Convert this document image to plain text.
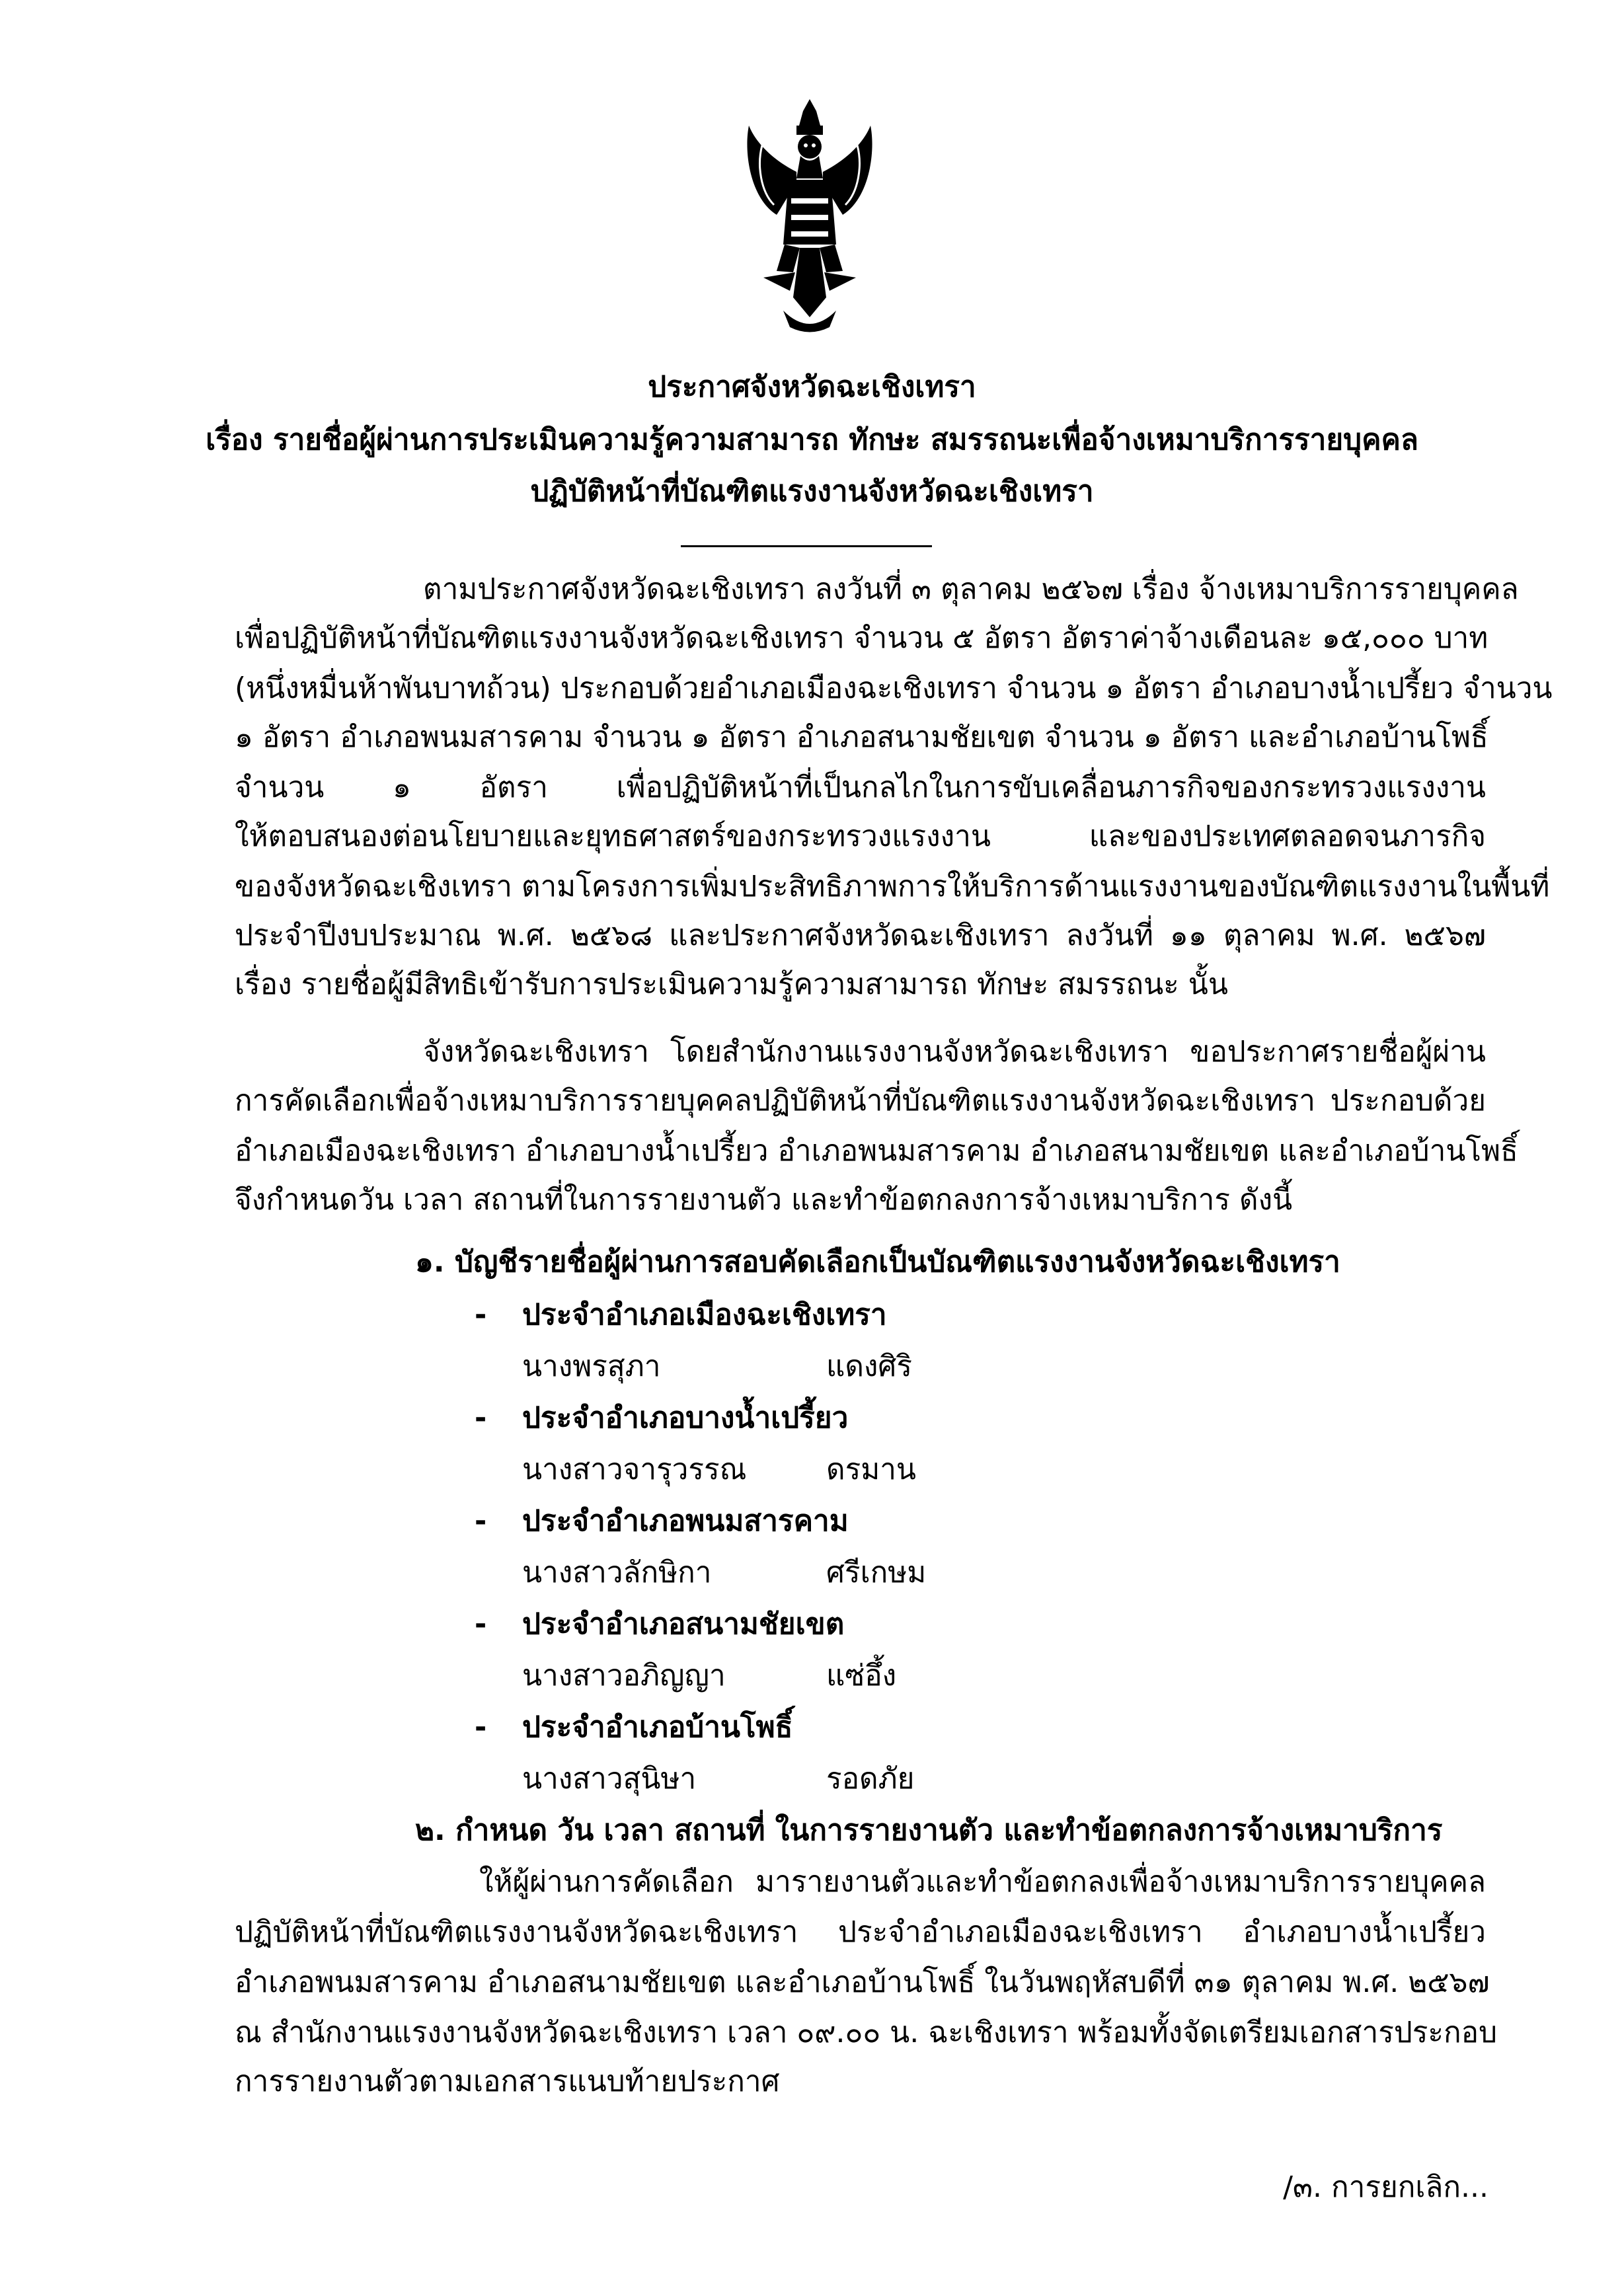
ประกาศจังหวัดฉะเชิงเทรา
เรื่อง รายชื่อผู้ผ่านการประเมินความรู้ความสามารถ ทักษะ สมรรถนะเพื่อจ้างเหมาบริการรายบุคคล
ปฏิบัติหน้าที่บัณฑิตแรงงานจังหวัดฉะเชิงเทรา
ตามประกาศจังหวัดฉะเชิงเทรา ลงวันที่ ๓ ตุลาคม ๒๕๖๗ เรื่อง จ้างเหมาบริการรายบุคคล
เพื่อปฏิบัติหน้าที่บัณฑิตแรงงานจังหวัดฉะเชิงเทรา จำนวน ๕ อัตรา อัตราค่าจ้างเดือนละ ๑๕,๐๐๐ บาท
(หนึ่งหมื่นห้าพันบาทถ้วน) ประกอบด้วยอำเภอเมืองฉะเชิงเทรา จำนวน ๑ อัตรา อำเภอบางน้ำเปรี้ยว จำนวน
๑ อัตรา อำเภอพนมสารคาม จำนวน ๑ อัตรา อำเภอสนามชัยเขต จำนวน ๑ อัตรา และอำเภอบ้านโพธิ์
จำนวน ๑ อัตรา เพื่อปฏิบัติหน้าที่เป็นกลไกในการขับเคลื่อนภารกิจของกระทรวงแรงงาน
ให้ตอบสนองต่อนโยบายและยุทธศาสตร์ของกระทรวงแรงงาน และของประเทศตลอดจนภารกิจ
ของจังหวัดฉะเชิงเทรา ตามโครงการเพิ่มประสิทธิภาพการให้บริการด้านแรงงานของบัณฑิตแรงงานในพื้นที่
ประจำปีงบประมาณ พ.ศ. ๒๕๖๘ และประกาศจังหวัดฉะเชิงเทรา ลงวันที่ ๑๑ ตุลาคม พ.ศ. ๒๕๖๗
เรื่อง รายชื่อผู้มีสิทธิเข้ารับการประเมินความรู้ความสามารถ ทักษะ สมรรถนะ นั้น
จังหวัดฉะเชิงเทรา โดยสำนักงานแรงงานจังหวัดฉะเชิงเทรา ขอประกาศรายชื่อผู้ผ่าน
การคัดเลือกเพื่อจ้างเหมาบริการรายบุคคลปฏิบัติหน้าที่บัณฑิตแรงงานจังหวัดฉะเชิงเทรา ประกอบด้วย
อำเภอเมืองฉะเชิงเทรา อำเภอบางน้ำเปรี้ยว อำเภอพนมสารคาม อำเภอสนามชัยเขต และอำเภอบ้านโพธิ์
จึงกำหนดวัน เวลา สถานที่ในการรายงานตัว และทำข้อตกลงการจ้างเหมาบริการ ดังนี้
๑. บัญชีรายชื่อผู้ผ่านการสอบคัดเลือกเป็นบัณฑิตแรงงานจังหวัดฉะเชิงเทรา
- ประจำอำเภอเมืองฉะเชิงเทรา
นางพรสุภา	แดงศิริ
- ประจำอำเภอบางน้ำเปรี้ยว
นางสาวจารุวรรณ	ดรมาน
- ประจำอำเภอพนมสารคาม
นางสาวลักษิกา	ศรีเกษม
- ประจำอำเภอสนามชัยเขต
นางสาวอภิญญา	แซ่อึ้ง
- ประจำอำเภอบ้านโพธิ์
นางสาวสุนิษา	รอดภัย
๒. กำหนด วัน เวลา สถานที่ ในการรายงานตัว และทำข้อตกลงการจ้างเหมาบริการ
ให้ผู้ผ่านการคัดเลือก มารายงานตัวและทำข้อตกลงเพื่อจ้างเหมาบริการรายบุคคล
ปฏิบัติหน้าที่บัณฑิตแรงงานจังหวัดฉะเชิงเทรา ประจำอำเภอเมืองฉะเชิงเทรา อำเภอบางน้ำเปรี้ยว
อำเภอพนมสารคาม อำเภอสนามชัยเขต และอำเภอบ้านโพธิ์ ในวันพฤหัสบดีที่ ๓๑ ตุลาคม พ.ศ. ๒๕๖๗
ณ สำนักงานแรงงานจังหวัดฉะเชิงเทรา เวลา ๐๙.๐๐ น. ฉะเชิงเทรา พร้อมทั้งจัดเตรียมเอกสารประกอบ
การรายงานตัวตามเอกสารแนบท้ายประกาศ
/๓. การยกเลิก...
